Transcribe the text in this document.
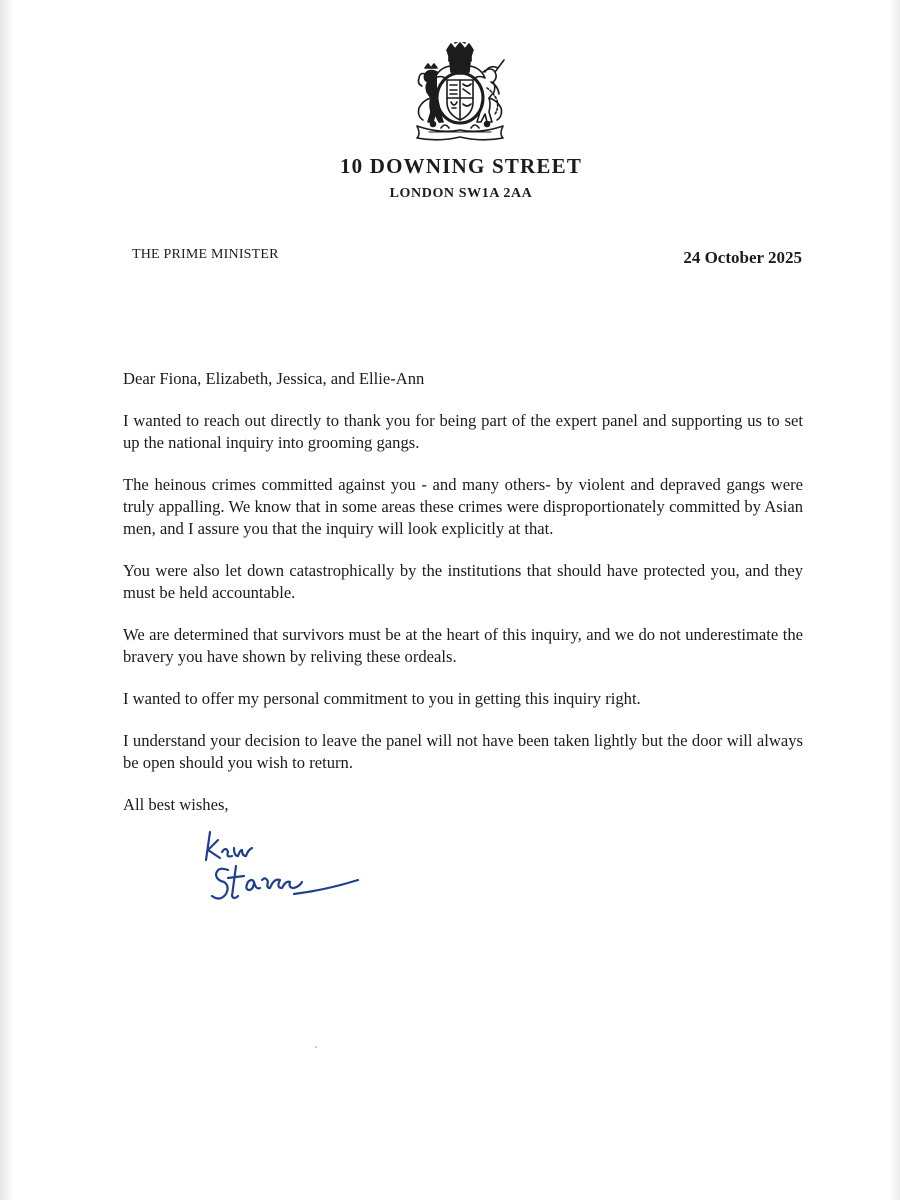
10 DOWNING STREET
LONDON SW1A 2AA
THE PRIME MINISTER	24 October 2025

Dear Fiona, Elizabeth, Jessica, and Ellie-Ann

I wanted to reach out directly to thank you for being part of the expert panel and supporting us to set up the national inquiry into grooming gangs.

The heinous crimes committed against you - and many others- by violent and depraved gangs were truly appalling. We know that in some areas these crimes were disproportionately committed by Asian men, and I assure you that the inquiry will look explicitly at that.

You were also let down catastrophically by the institutions that should have protected you, and they must be held accountable.

We are determined that survivors must be at the heart of this inquiry, and we do not underestimate the bravery you have shown by reliving these ordeals.

I wanted to offer my personal commitment to you in getting this inquiry right.

I understand your decision to leave the panel will not have been taken lightly but the door will always be open should you wish to return.

All best wishes,
